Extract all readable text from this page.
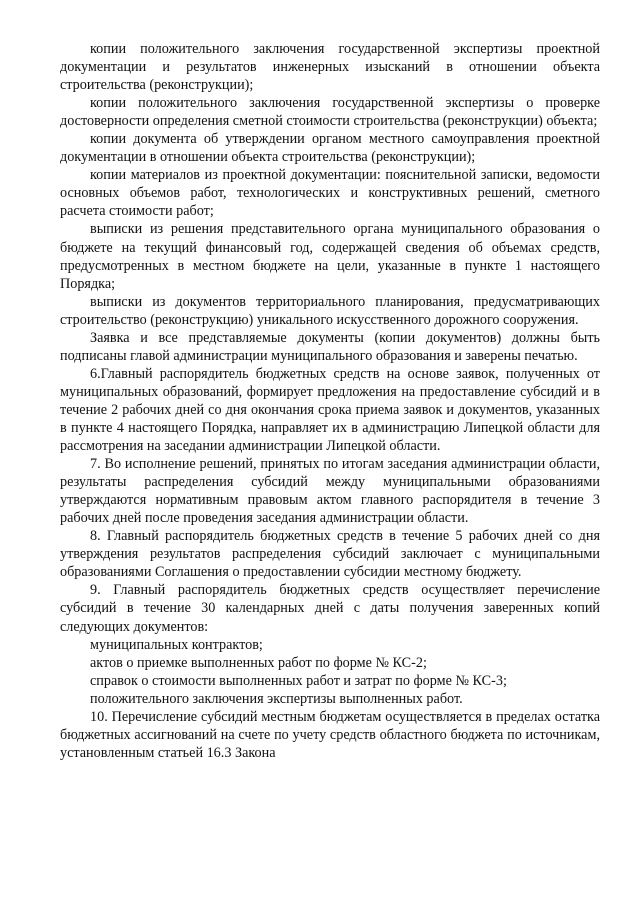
копии положительного заключения государственной экспертизы проектной документации и результатов инженерных изысканий в отношении объекта строительства (реконструкции);

копии положительного заключения государственной экспертизы о проверке достоверности определения сметной стоимости строительства (реконструкции) объекта;

копии документа об утверждении органом местного самоуправления проектной документации в отношении объекта строительства (реконструкции);

копии материалов из проектной документации: пояснительной записки, ведомости основных объемов работ, технологических и конструктивных решений, сметного расчета стоимости работ;

выписки из решения представительного органа муниципального образования о бюджете на текущий финансовый год, содержащей сведения об объемах средств, предусмотренных в местном бюджете на цели, указанные в пункте 1 настоящего Порядка;

выписки из документов территориального планирования, предусматривающих строительство (реконструкцию) уникального искусственного дорожного сооружения.

Заявка и все представляемые документы (копии документов) должны быть подписаны главой администрации муниципального образования и заверены печатью.

6.Главный распорядитель бюджетных средств на основе заявок, полученных от муниципальных образований, формирует предложения на предоставление субсидий и в течение 2 рабочих дней со дня окончания срока приема заявок и документов, указанных в пункте 4 настоящего Порядка, направляет их в администрацию Липецкой области для рассмотрения на заседании администрации Липецкой области.

7. Во исполнение решений, принятых по итогам заседания администрации области, результаты распределения субсидий между муниципальными образованиями утверждаются нормативным правовым актом главного распорядителя в течение 3 рабочих дней после проведения заседания администрации области.

8. Главный распорядитель бюджетных средств в течение 5 рабочих дней со дня утверждения результатов распределения субсидий заключает с муниципальными образованиями Соглашения о предоставлении субсидии местному бюджету.

9. Главный распорядитель бюджетных средств осуществляет перечисление субсидий в течение 30 календарных дней с даты получения заверенных копий следующих документов:

муниципальных контрактов;

актов о приемке выполненных работ по форме № КС-2;

справок о стоимости выполненных работ и затрат по форме № КС-3;

положительного заключения экспертизы выполненных работ.

10. Перечисление субсидий местным бюджетам осуществляется в пределах остатка бюджетных ассигнований на счете по учету средств областного бюджета по источникам, установленным статьей 16.3 Закона
